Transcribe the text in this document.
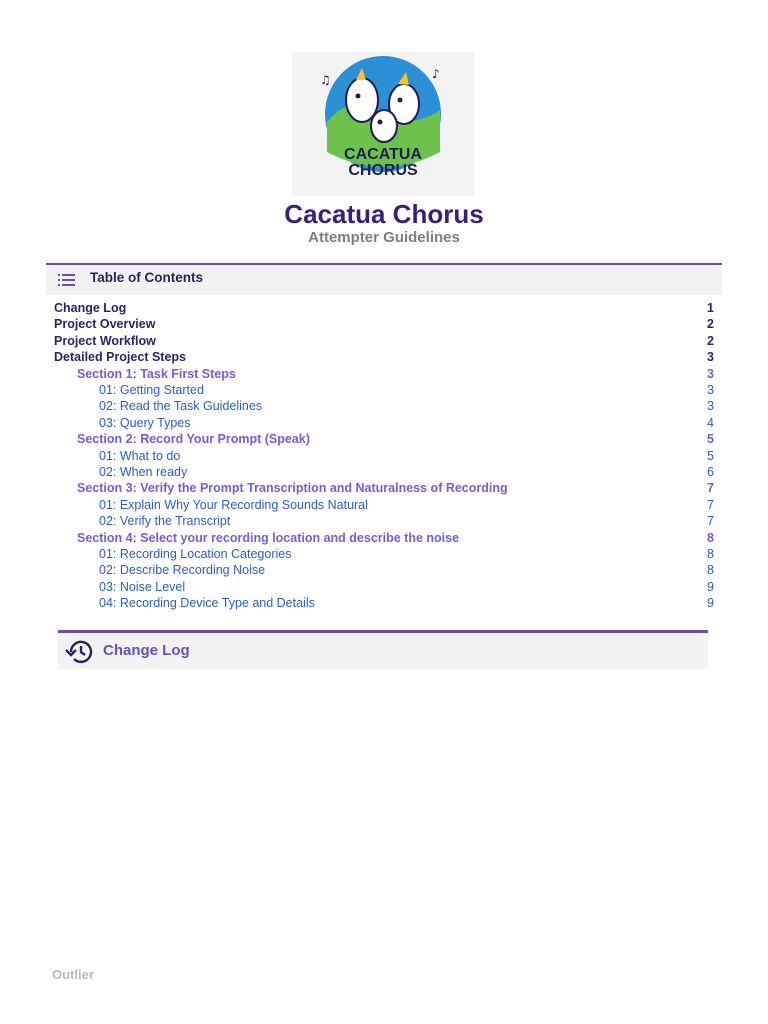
♪
♫
CACATUA
CHORUS
Cacatua Chorus
Attempter Guidelines
Table of Contents
Change Log	1
Project Overview	2
Project Workflow	2
Detailed Project Steps	3
Section 1: Task First Steps	3
01: Getting Started	3
02: Read the Task Guidelines	3
03: Query Types	4
Section 2: Record Your Prompt (Speak)	5
01: What to do	5
02: When ready	6
Section 3: Verify the Prompt Transcription and Naturalness of Recording	7
01: Explain Why Your Recording Sounds Natural	7
02: Verify the Transcript	7
Section 4: Select your recording location and describe the noise	8
01: Recording Location Categories	8
02: Describe Recording Noise	8
03: Noise Level	9
04: Recording Device Type and Details	9
Change Log
Outlier
